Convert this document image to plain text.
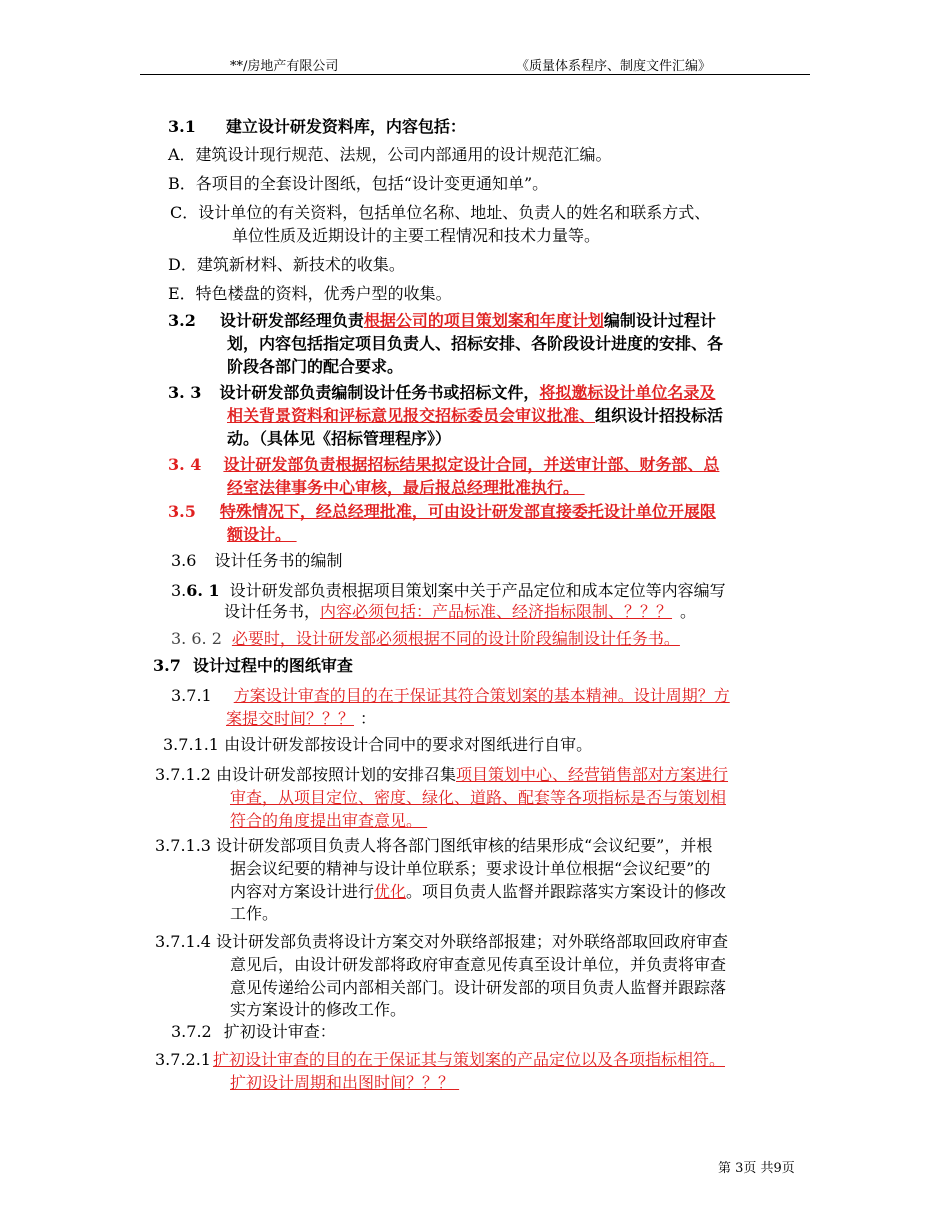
**/房地产有限公司	《质量体系程序、制度文件汇编》

3.1 建立设计研发资料库，内容包括：

A．建筑设计现行规范、法规，公司内部通用的设计规范汇编。

B．各项目的全套设计图纸，包括“设计变更通知单”。

C．设计单位的有关资料，包括单位名称、地址、负责人的姓名和联系方式、

单位性质及近期设计的主要工程情况和技术力量等。

D．建筑新材料、新技术的收集。

E．特色楼盘的资料，优秀户型的收集。

3.2 设计研发部经理负责根据公司的项目策划案和年度计划编制设计过程计

划，内容包括指定项目负责人、招标安排、各阶段设计进度的安排、各

阶段各部门的配合要求。

3. 3 设计研发部负责编制设计任务书或招标文件，将拟邀标设计单位名录及

相关背景资料和评标意见报交招标委员会审议批准、组织设计招投标活

动。（具体见《招标管理程序》）

3. 4 设计研发部负责根据招标结果拟定设计合同，并送审计部、财务部、总

经室法律事务中心审核，最后报总经理批准执行。

3.5 特殊情况下，经总经理批准，可由设计研发部直接委托设计单位开展限

额设计。

3.6 设计任务书的编制

3.6. 1 设计研发部负责根据项目策划案中关于产品定位和成本定位等内容编写

设计任务书，内容必须包括：产品标准、经济指标限制、？？？ 。

3. 6. 2 必要时，设计研发部必须根据不同的设计阶段编制设计任务书。

3.7 设计过程中的图纸审查

3.7.1 方案设计审查的目的在于保证其符合策划案的基本精神。设计周期？方

案提交时间？？？ ：

3.7.1.1 由设计研发部按设计合同中的要求对图纸进行自审。

3.7.1.2 由设计研发部按照计划的安排召集项目策划中心、经营销售部对方案进行

审查，从项目定位、密度、绿化、道路、配套等各项指标是否与策划相

符合的角度提出审查意见。

3.7.1.3 设计研发部项目负责人将各部门图纸审核的结果形成“会议纪要”，并根

据会议纪要的精神与设计单位联系；要求设计单位根据“会议纪要”的

内容对方案设计进行优化。项目负责人监督并跟踪落实方案设计的修改

工作。

3.7.1.4 设计研发部负责将设计方案交对外联络部报建；对外联络部取回政府审查

意见后，由设计研发部将政府审查意见传真至设计单位，并负责将审查

意见传递给公司内部相关部门。设计研发部的项目负责人监督并跟踪落

实方案设计的修改工作。

3.7.2 扩初设计审查：

3.7.2.1 扩初设计审查的目的在于保证其与策划案的产品定位以及各项指标相符。

扩初设计周期和出图时间？？？

第 3页 共9页
